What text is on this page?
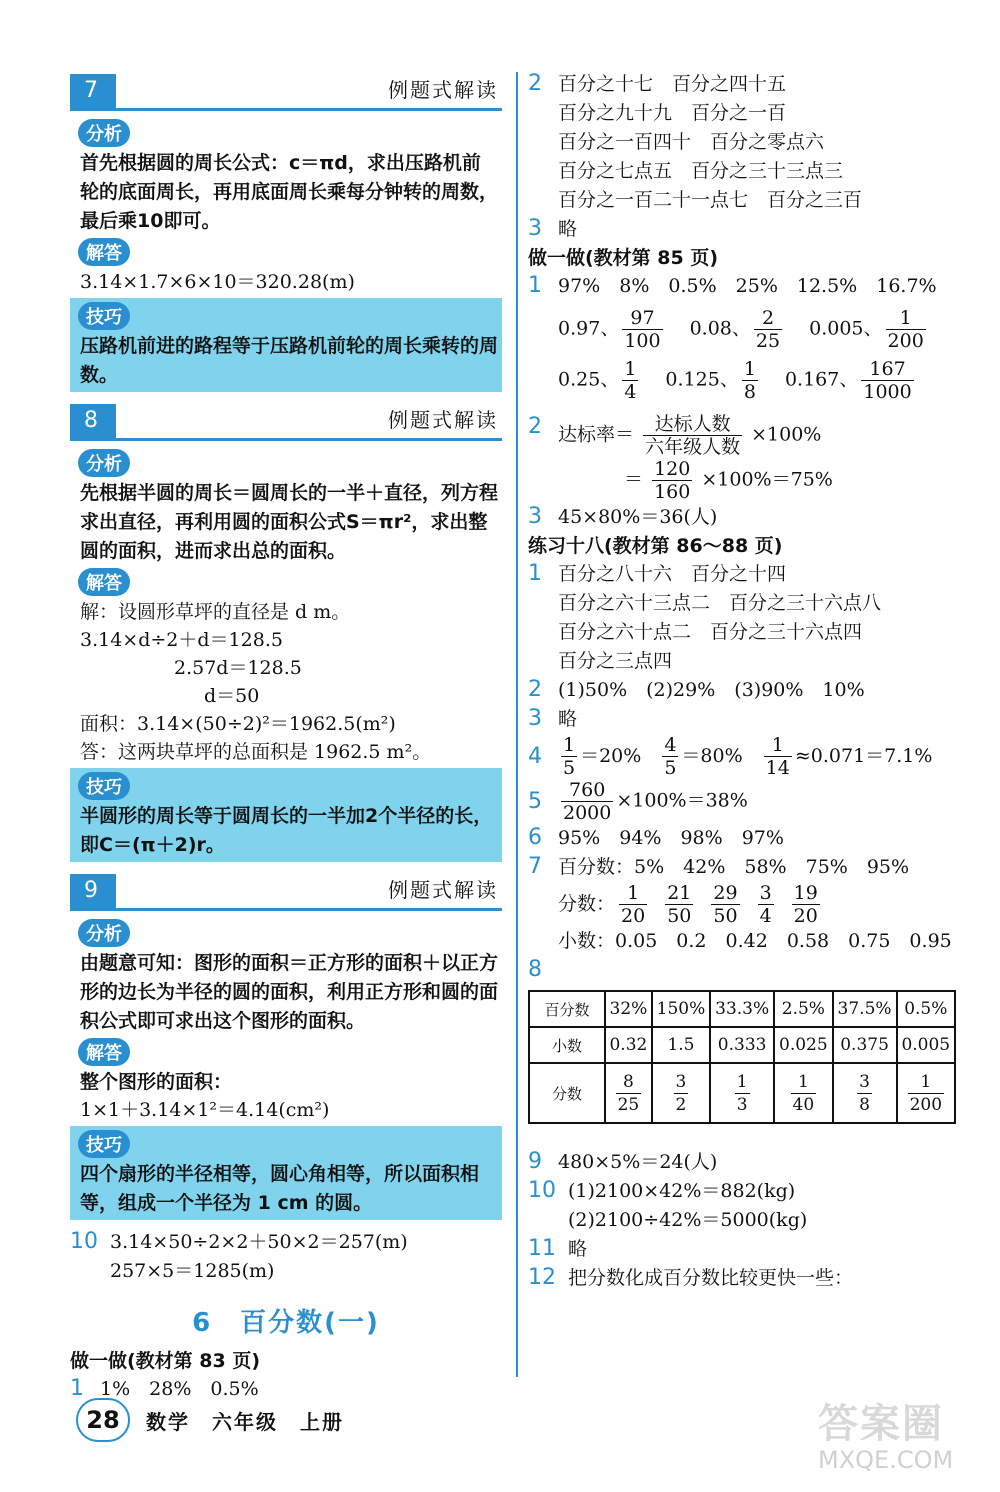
7	例题式解读
分析
首先根据圆的周长公式：c＝πd，求出压路机前轮的底面周长，再用底面周长乘每分钟转的周数，最后乘10即可。
解答
3.14×1.7×6×10＝320.28(m)
技巧
压路机前进的路程等于压路机前轮的周长乘转的周数。
8	例题式解读
分析
先根据半圆的周长＝圆周长的一半＋直径，列方程求出直径，再利用圆的面积公式S＝πr²，求出整圆的面积，进而求出总的面积。
解答
解：设圆形草坪的直径是 d m。
3.14×d÷2＋d＝128.5
2.57d＝128.5
d＝50
面积：3.14×(50÷2)²＝1962.5(m²)
答：这两块草坪的总面积是 1962.5 m²。
技巧
半圆形的周长等于圆周长的一半加2个半径的长，即C＝(π＋2)r。
9	例题式解读
分析
由题意可知：图形的面积＝正方形的面积＋以正方形的边长为半径的圆的面积，利用正方形和圆的面积公式即可求出这个图形的面积。
解答
整个图形的面积：
1×1＋3.14×1²＝4.14(cm²)
技巧
四个扇形的半径相等，圆心角相等，所以面积相等，组成一个半径为 1 cm 的圆。
10 3.14×50÷2×2＋50×2＝257(m)
257×5＝1285(m)
6　百分数(一)
做一做(教材第 83 页)
1 1%　28%　0.5%
2 百分之十七　百分之四十五
百分之九十九　百分之一百
百分之一百四十　百分之零点六
百分之七点五　百分之三十三点三
百分之一百二十一点七　百分之三百
3 略
做一做(教材第 85 页)
1 97%　8%　0.5%　25%　12.5%　16.7%
0.97、 $\frac{97}{100} 0.08$、 $\frac{2}{25} 0.005$、 $\frac{1}{200}$
0.25、 $\frac{1}{4} 0.125$、 $\frac{1}{8} 0.167$、 $\frac{167}{1000}$
2 达标率＝ $\frac{\text{达标人数}}{\text{六年级人数}} \times 100\%$
＝ $\frac{120}{160} \times 100\%=75\%$
3 45×80%＝36(人)
练习十八(教材第 86～88 页)
1 百分之八十六　百分之十四
百分之六十三点二　百分之三十六点八
百分之六十点二　百分之三十六点四
百分之三点四
2 (1)50%　(2)29%　(3)90%　10%
3 略
4	$\frac{1}{5} =20\% \frac{4}{5} =80\% \frac{1}{14} \approx 0.071=7.1\%$
5	$\frac{760}{2000} \times 100\%=38\%$
6 95%　94%　98%　97%
7 百分数：5%　42%　58%　75%　95%
分数： $\frac{1}{20} \frac{21}{50} \frac{29}{50} \frac{3}{4} \frac{19}{20}$
小数：0.05　0.2　0.42　0.58　0.75　0.95
8
百分数	32%	150%	33.3%	2.5%	37.5%	0.5%
小数	0.32	1.5	0.333	0.025	0.375	0.005
分数	$\frac{8}{25}$	$\frac{3}{2}$	$\frac{1}{3}$	$\frac{1}{40}$	$\frac{3}{8}$	$\frac{1}{200}$
9 480×5%＝24(人)
10 (1)2100×42%＝882(kg)
(2)2100÷42%＝5000(kg)
11 略
12 把分数化成百分数比较更快一些：
28	数学　六年级　上册	答案圈
MXQE.COM
